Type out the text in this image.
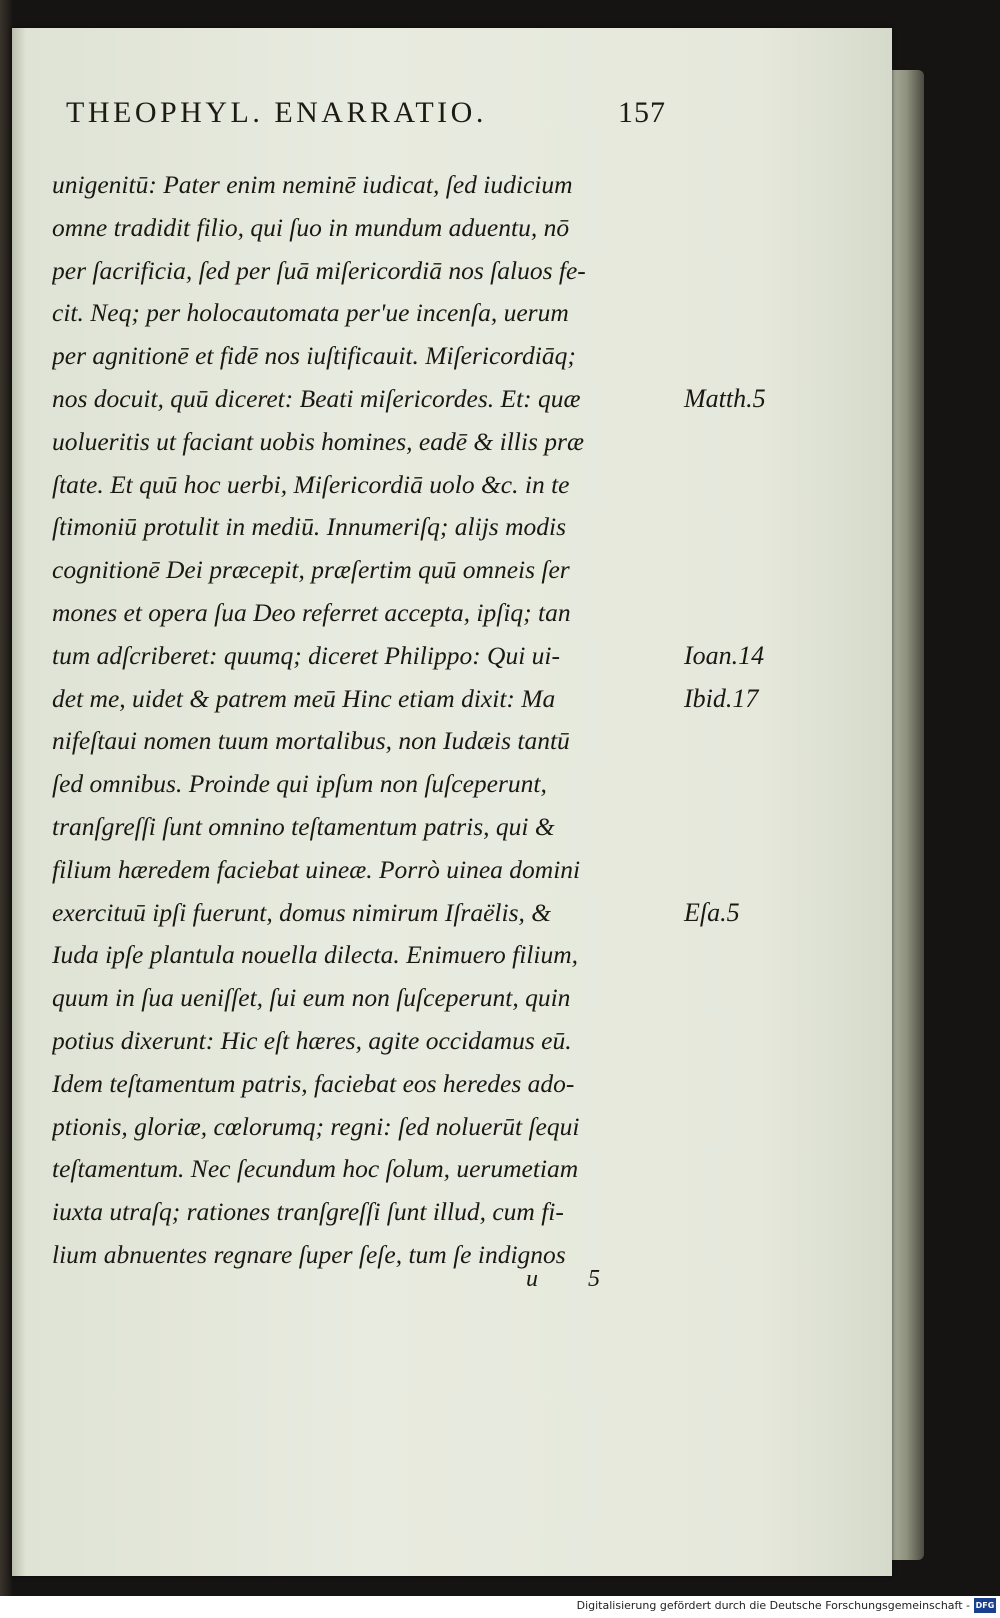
THEOPHYL. ENARRATIO.	157
unigenitū: Pater enim neminē iudicat, ſed iudicium
omne tradidit filio, qui ſuo in mundum aduentu, nō
per ſacrificia, ſed per ſuā miſericordiā nos ſaluos fe-
cit. Neq; per holocautomata per'ue incenſa, uerum
per agnitionē et fidē nos iuſtificauit. Miſericordiāq;
nos docuit, quū diceret: Beati miſericordes. Et: quæ
uolueritis ut faciant uobis homines, eadē & illis præ
ſtate. Et quū hoc uerbi, Miſericordiā uolo &c. in te
ſtimoniū protulit in mediū. Innumeriſq; alijs modis
cognitionē Dei præcepit, præſertim quū omneis ſer
mones et opera ſua Deo referret accepta, ipſiq; tan
tum adſcriberet: quumq; diceret Philippo: Qui ui-
det me, uidet & patrem meū Hinc etiam dixit: Ma
nifeſtaui nomen tuum mortalibus, non Iudæis tantū
ſed omnibus. Proinde qui ipſum non ſuſceperunt,
tranſgreſſi ſunt omnino teſtamentum patris, qui &
filium hæredem faciebat uineæ. Porrò uinea domini
exercituū ipſi fuerunt, domus nimirum Iſraëlis, &
Iuda ipſe plantula nouella dilecta. Enimuero filium,
quum in ſua ueniſſet, ſui eum non ſuſceperunt, quin
potius dixerunt: Hic eſt hæres, agite occidamus eū.
Idem teſtamentum patris, faciebat eos heredes ado-
ptionis, gloriæ, cœlorumq; regni: ſed noluerūt ſequi
teſtamentum. Nec ſecundum hoc ſolum, uerumetiam
iuxta utraſq; rationes tranſgreſſi ſunt illud, cum fi-
lium abnuentes regnare ſuper ſeſe, tum ſe indignos
Matth.5
Ioan.14
Ibid.17
Eſa.5
u 5
Digitalisierung gefördert durch die Deutsche Forschungsgemeinschaft - DFG
